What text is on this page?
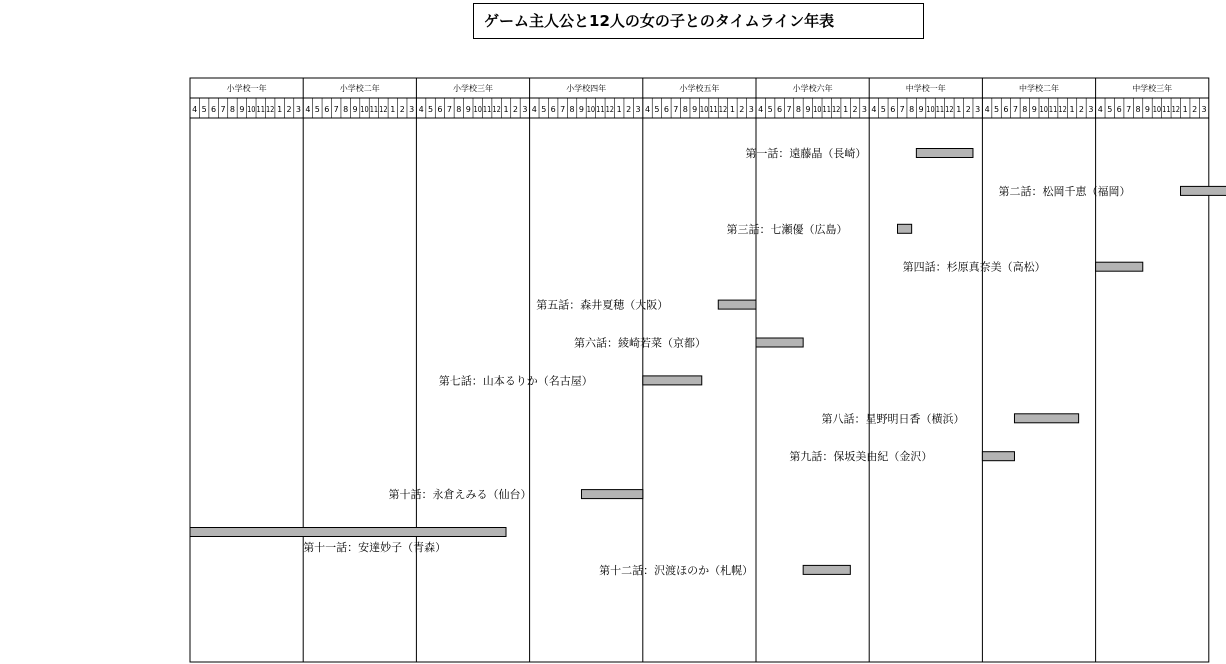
ゲーム主人公と12人の女の子とのタイムライン年表
小学校一年
4 5 6 7 8 9 10 11 12 1 2 3
小学校二年
4 5 6 7 8 9 10 11 12 1 2 3
小学校三年
4 5 6 7 8 9 10 11 12 1 2 3
小学校四年
4 5 6 7 8 9 10 11 12 1 2 3
小学校五年
4 5 6 7 8 9 10 11 12 1 2 3
小学校六年
4 5 6 7 8 9 10 11 12 1 2 3
中学校一年
4 5 6 7 8 9 10 11 12 1 2 3
中学校二年
4 5 6 7 8 9 10 11 12 1 2 3
中学校三年
4 5 6 7 8 9 10 11 12 1 2 3
第一話：遠藤晶（長崎）
第二話：松岡千恵（福岡）
第三話：七瀬優（広島）
第四話：杉原真奈美（高松）
第五話：森井夏穂（大阪）
第六話：綾崎若菜（京都）
第七話：山本るりか（名古屋）
第八話：星野明日香（横浜）
第九話：保坂美由紀（金沢）
第十話：永倉えみる（仙台）
第十一話：安達妙子（青森）
第十二話：沢渡ほのか（札幌）
